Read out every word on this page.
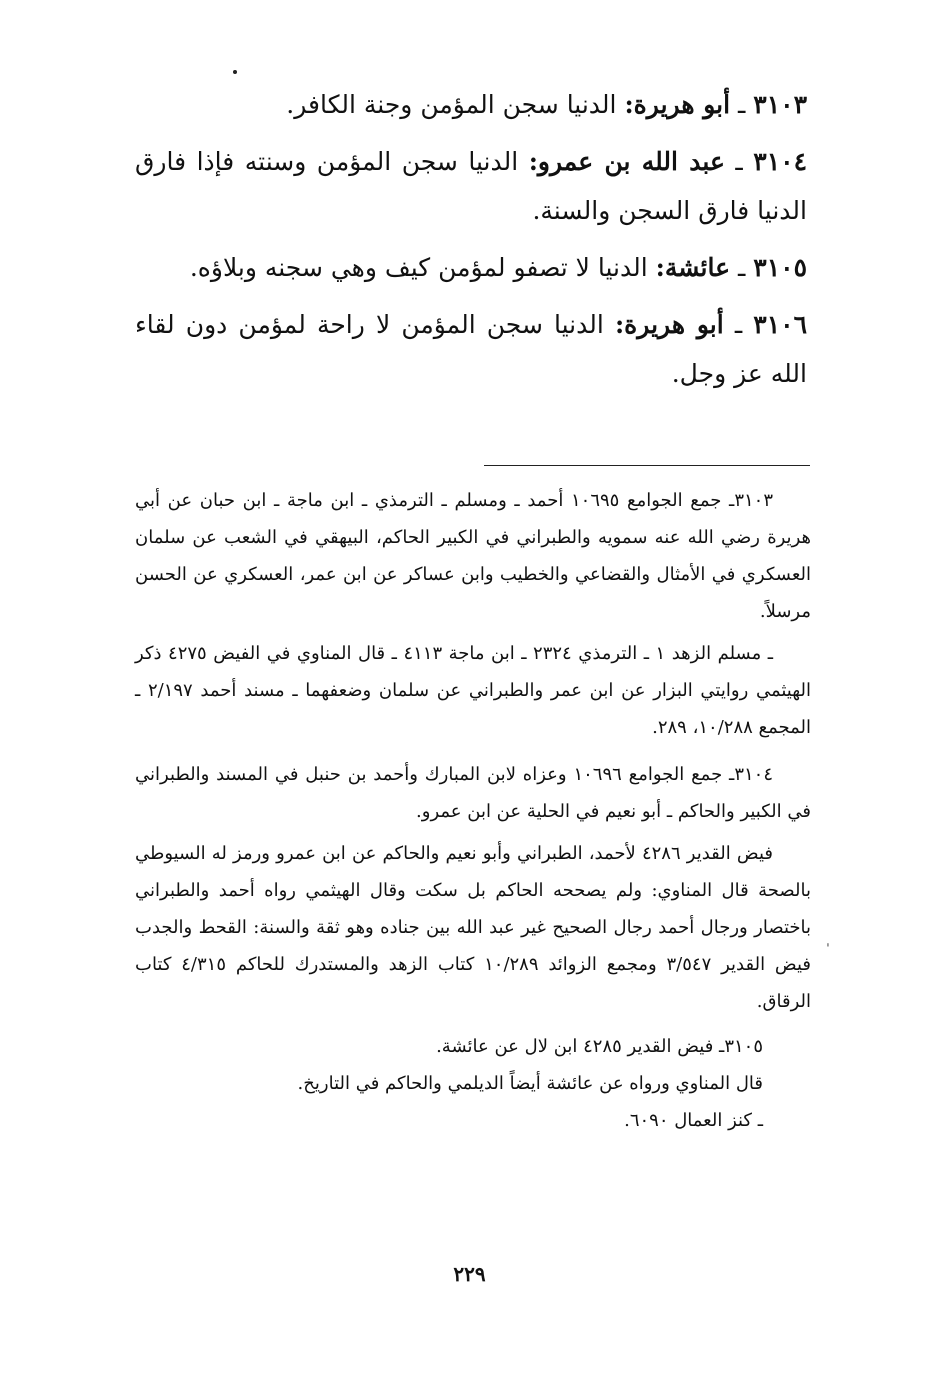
٣١٠٣ ـ أبو هريرة: الدنيا سجن المؤمن وجنة الكافر.

٣١٠٤ ـ عبد الله بن عمرو: الدنيا سجن المؤمن وسنته فإذا فارق الدنيا فارق السجن والسنة.

٣١٠٥ ـ عائشة: الدنيا لا تصفو لمؤمن كيف وهي سجنه وبلاؤه.

٣١٠٦ ـ أبو هريرة: الدنيا سجن المؤمن لا راحة لمؤمن دون لقاء الله عز وجل.

٣١٠٣ـ جمع الجوامع ١٠٦٩٥ أحمد ـ ومسلم ـ الترمذي ـ ابن ماجة ـ ابن حبان عن أبي هريرة رضي الله عنه سمويه والطبراني في الكبير الحاكم، البيهقي في الشعب عن سلمان العسكري في الأمثال والقضاعي والخطيب وابن عساكر عن ابن عمر، العسكري عن الحسن مرسلاً.

ـ مسلم الزهد ١ ـ الترمذي ٢٣٢٤ ـ ابن ماجة ٤١١٣ ـ قال المناوي في الفيض ٤٢٧٥ ذكر الهيثمي روايتي البزار عن ابن عمر والطبراني عن سلمان وضعفهما ـ مسند أحمد ٢/١٩٧ ـ المجمع ١٠/٢٨٨، ٢٨٩.

٣١٠٤ـ جمع الجوامع ١٠٦٩٦ وعزاه لابن المبارك وأحمد بن حنبل في المسند والطبراني في الكبير والحاكم ـ أبو نعيم في الحلية عن ابن عمرو.

فيض القدير ٤٢٨٦ لأحمد، الطبراني وأبو نعيم والحاكم عن ابن عمرو ورمز له السيوطي بالصحة قال المناوي: ولم يصححه الحاكم بل سكت وقال الهيثمي رواه أحمد والطبراني باختصار ورجال أحمد رجال الصحيح غير عبد الله بين جناده وهو ثقة والسنة: القحط والجدب فيض القدير ٣/٥٤٧ ومجمع الزوائد ١٠/٢٨٩ كتاب الزهد والمستدرك للحاكم ٤/٣١٥ كتاب الرقاق.

٣١٠٥ـ فيض القدير ٤٢٨٥ ابن لال عن عائشة.

قال المناوي ورواه عن عائشة أيضاً الديلمي والحاكم في التاريخ.

ـ كنز العمال ٦٠٩٠.

ˈ
٢٢٩
